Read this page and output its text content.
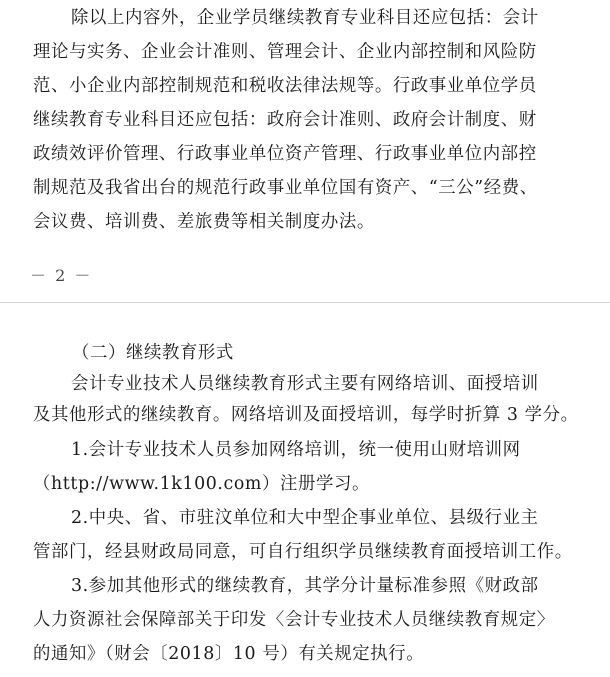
除以上内容外，企业学员继续教育专业科目还应包括：会计
理论与实务、企业会计准则、管理会计、企业内部控制和风险防
范、小企业内部控制规范和税收法律法规等。行政事业单位学员
继续教育专业科目还应包括：政府会计准则、政府会计制度、财
政绩效评价管理、行政事业单位资产管理、行政事业单位内部控
制规范及我省出台的规范行政事业单位国有资产、“三公”经费、
会议费、培训费、差旅费等相关制度办法。
－ 2 －
（二）继续教育形式
会计专业技术人员继续教育形式主要有网络培训、面授培训
及其他形式的继续教育。网络培训及面授培训，每学时折算 3 学分。
1.会计专业技术人员参加网络培训，统一使用山财培训网
（http://www.1k100.com）注册学习。
2.中央、省、市驻汶单位和大中型企事业单位、县级行业主
管部门，经县财政局同意，可自行组织学员继续教育面授培训工作。
3.参加其他形式的继续教育，其学分计量标准参照《财政部
人力资源社会保障部关于印发〈会计专业技术人员继续教育规定〉
的通知》（财会〔2018〕10 号）有关规定执行。
